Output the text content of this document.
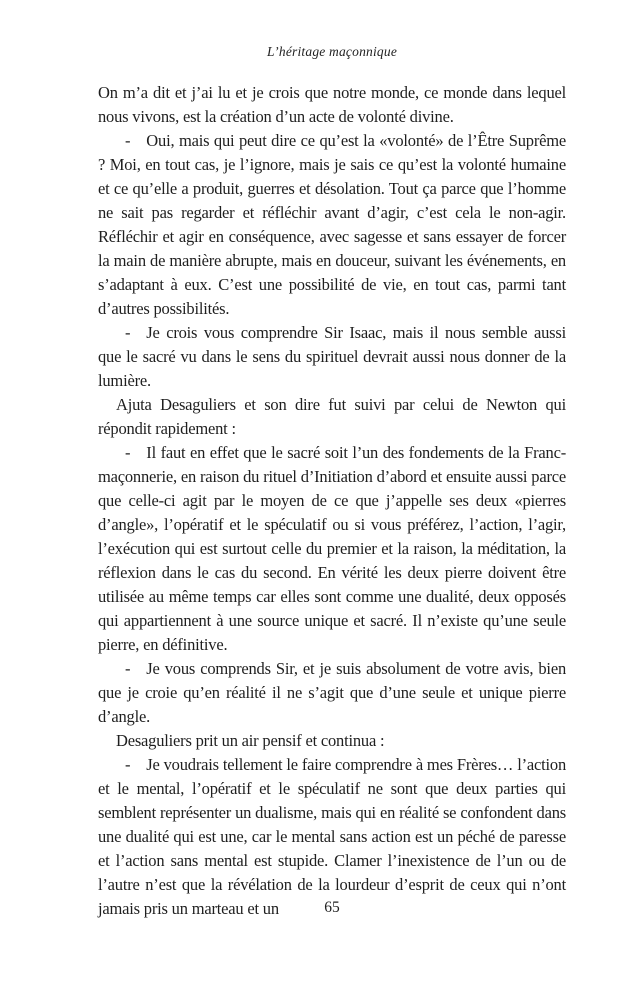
L’héritage maçonnique

On m’a dit et j’ai lu et je crois que notre monde, ce monde dans lequel nous vivons, est la création d’un acte de volonté divine.

- Oui, mais qui peut dire ce qu’est la «volonté» de l’Être Suprême ? Moi, en tout cas, je l’ignore, mais je sais ce qu’est la volonté humaine et ce qu’elle a produit, guerres et désolation. Tout ça parce que l’homme ne sait pas regarder et réfléchir avant d’agir, c’est cela le non-agir. Réfléchir et agir en conséquence, avec sagesse et sans essayer de forcer la main de manière abrupte, mais en douceur, suivant les événements, en s’adaptant à eux. C’est une possibilité de vie, en tout cas, parmi tant d’autres possibilités.

- Je crois vous comprendre Sir Isaac, mais il nous semble aussi que le sacré vu dans le sens du spirituel devrait aussi nous donner de la lumière.

Ajuta Desaguliers et son dire fut suivi par celui de Newton qui répondit rapidement :

- Il faut en effet que le sacré soit l’un des fondements de la Franc-maçonnerie, en raison du rituel d’Initiation d’abord et ensuite aussi parce que celle-ci agit par le moyen de ce que j’appelle ses deux «pierres d’angle», l’opératif et le spéculatif ou si vous préférez, l’action, l’agir, l’exécution qui est surtout celle du premier et la raison, la méditation, la réflexion dans le cas du second. En vérité les deux pierre doivent être utilisée au même temps car elles sont comme une dualité, deux opposés qui appartiennent à une source unique et sacré. Il n’existe qu’une seule pierre, en définitive.

- Je vous comprends Sir, et je suis absolument de votre avis, bien que je croie qu’en réalité il ne s’agit que d’une seule et unique pierre d’angle.

Desaguliers prit un air pensif et continua :

- Je voudrais tellement le faire comprendre à mes Frères… l’action et le mental, l’opératif et le spéculatif ne sont que deux parties qui semblent représenter un dualisme, mais qui en réalité se confondent dans une dualité qui est une, car le mental sans action est un péché de paresse et l’action sans mental est stupide. Clamer l’inexistence de l’un ou de l’autre n’est que la révélation de la lourdeur d’esprit de ceux qui n’ont jamais pris un marteau et un	65
